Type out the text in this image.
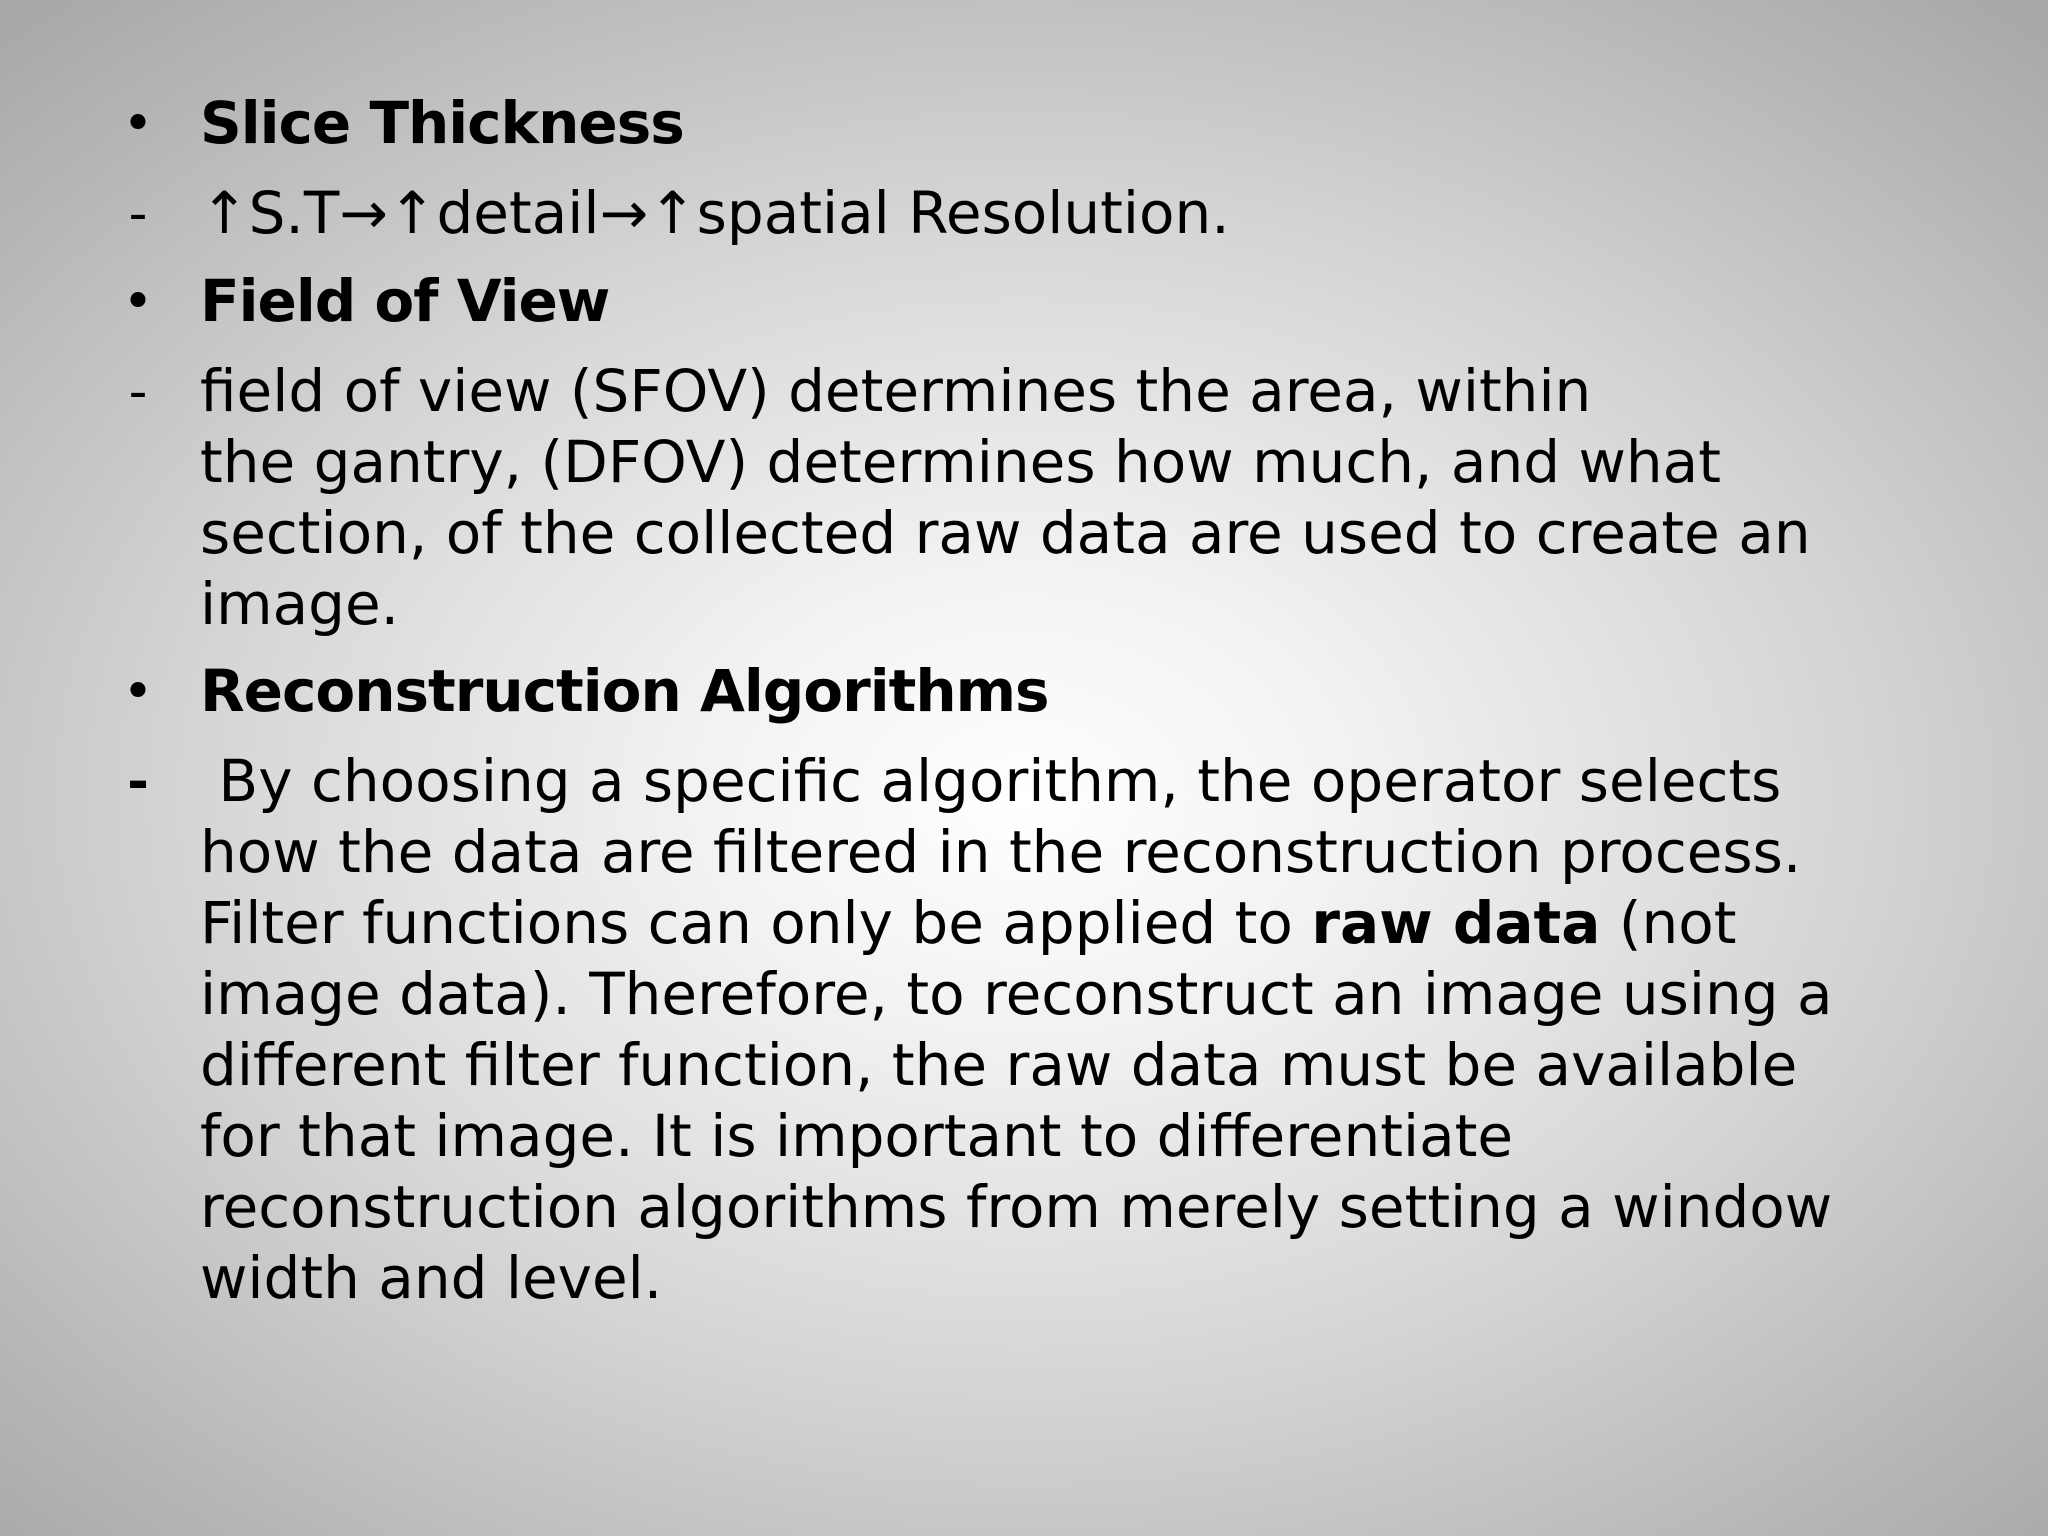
• Slice Thickness
- ↑S.T→↑detail→↑spatial Resolution.
• Field of View
- field of view (SFOV) determines the area, within
the gantry, (DFOV) determines how much, and what
section, of the collected raw data are used to create an
image.
• Reconstruction Algorithms
- By choosing a specific algorithm, the operator selects
how the data are filtered in the reconstruction process.
Filter functions can only be applied to raw data (not
image data). Therefore, to reconstruct an image using a
different filter function, the raw data must be available
for that image. It is important to differentiate
reconstruction algorithms from merely setting a window
width and level.
